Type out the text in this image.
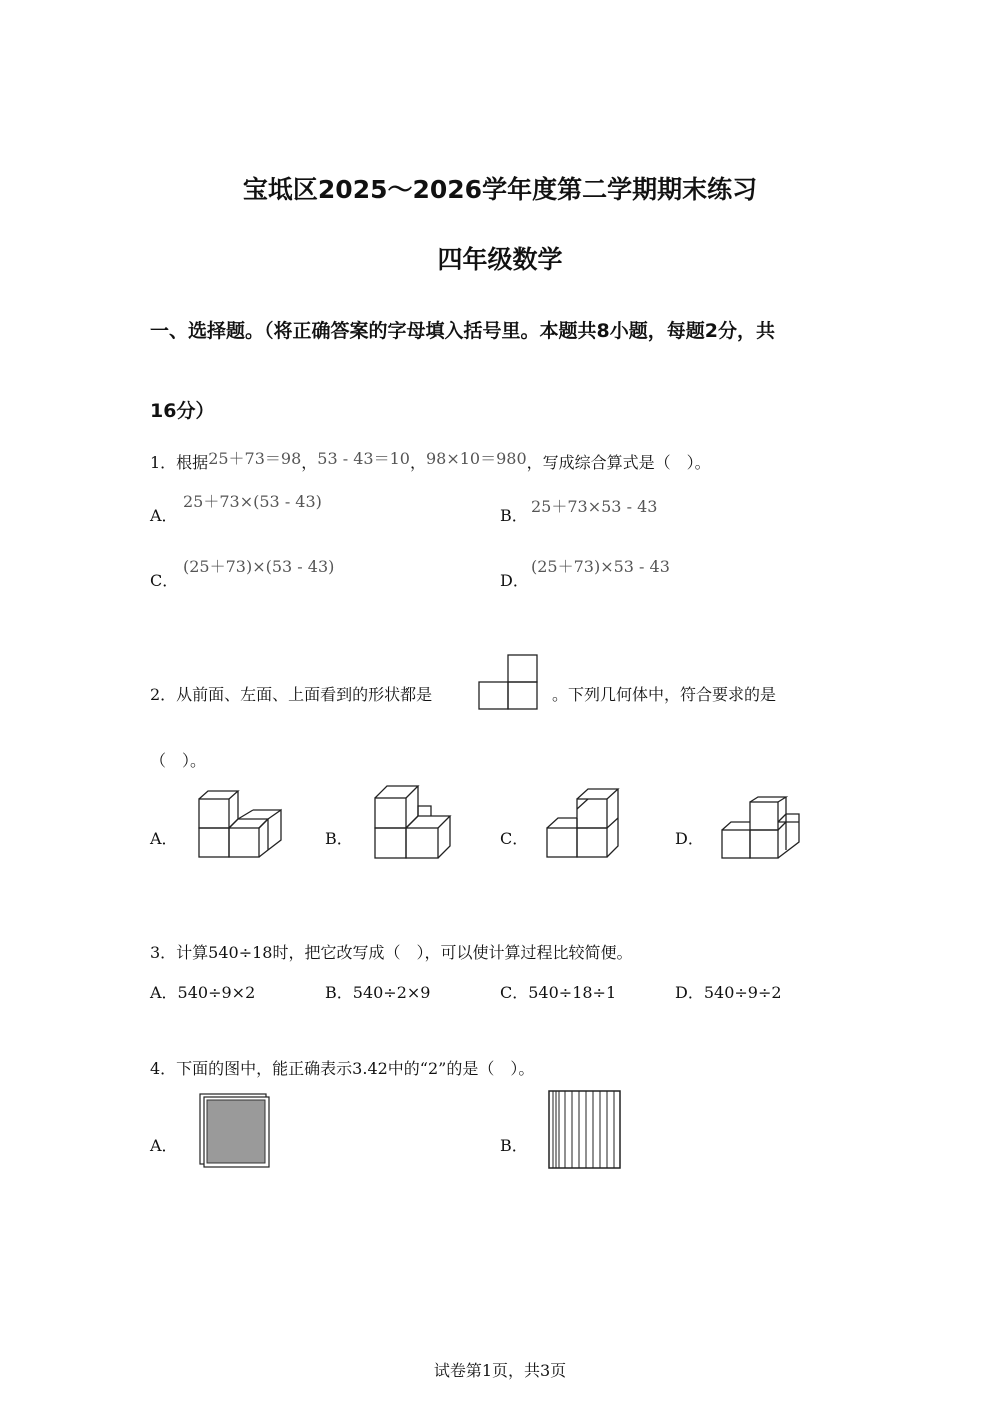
宝坻区2025～2026学年度第二学期期末练习
四年级数学
一、选择题。（将正确答案的字母填入括号里。本题共8小题，每题2分，共
16分）
1．根据25＋73＝98，53 - 43＝10，98×10＝980，写成综合算式是（　）。
A．
25＋73×(53 - 43)
B． 25＋73×53 - 43
C．
(25＋73)×(53 - 43)
D．
(25＋73)×53 - 43
2．从前面、左面、上面看到的形状都是	。下列几何体中，符合要求的是
（　）。
A．	B．	C．	D．
3．计算540÷18时，把它改写成（　），可以使计算过程比较简便。
A．540÷9×2	B．540÷2×9	C．540÷18÷1	D．540÷9÷2
4．下面的图中，能正确表示3.42中的“2”的是（　）。
A．	B．
试卷第1页，共3页
